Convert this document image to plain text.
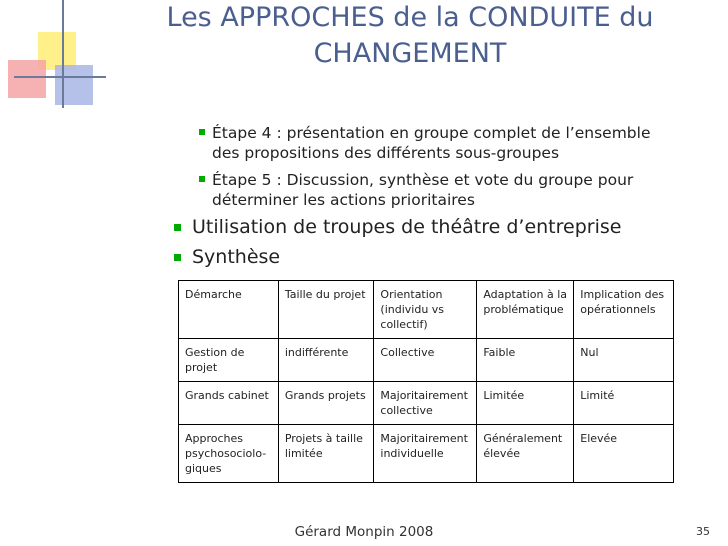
Les APPROCHES de la CONDUITE du
CHANGEMENT
Étape 4 : présentation en groupe complet de l’ensemble
des propositions des différents sous-groupes
Étape 5 : Discussion, synthèse et vote du groupe pour
déterminer les actions prioritaires
Utilisation de troupes de théâtre d’entreprise
Synthèse
Démarche	Taille du projet	Orientation (individu vs collectif)	Adaptation à la problématique	Implication des opérationnels
Gestion de projet	indifférente	Collective	Faible	Nul
Grands cabinet	Grands projets	Majoritairement collective	Limitée	Limité
Approches psychosociolo-giques	Projets à taille limitée	Majoritairement individuelle	Généralement élevée	Elevée
Gérard Monpin 2008	35
